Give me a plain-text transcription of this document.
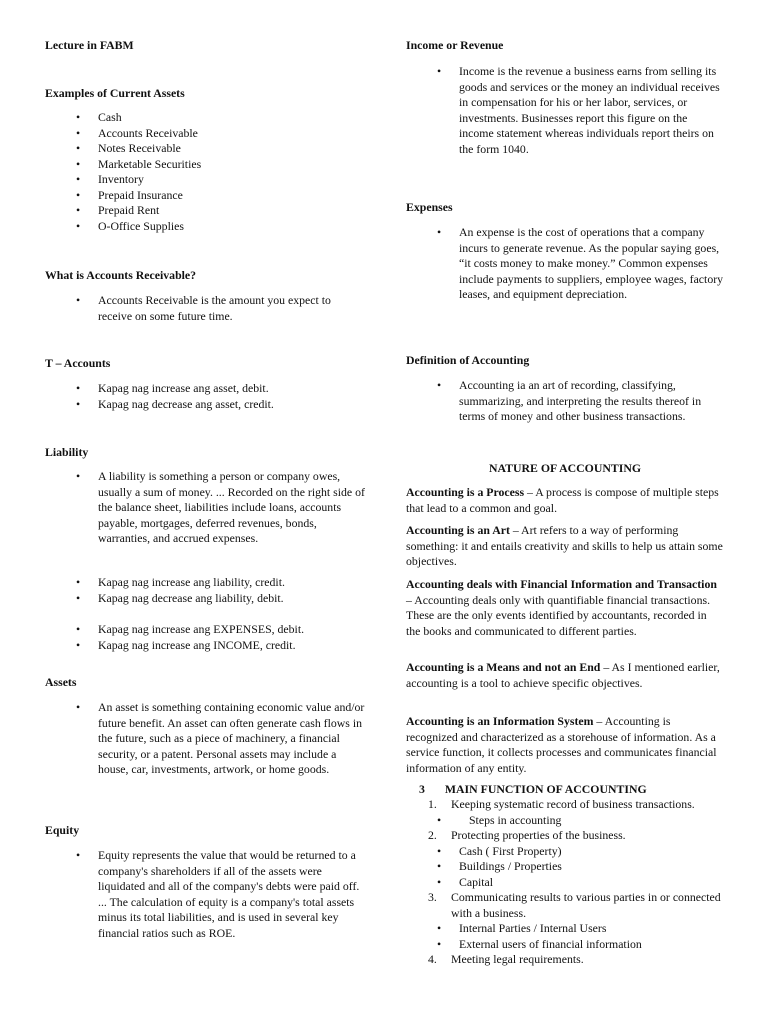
Lecture in FABM
Examples of Current Assets
• Cash
• Accounts Receivable
• Notes Receivable
• Marketable Securities
• Inventory
• Prepaid Insurance
• Prepaid Rent
• O-Office Supplies
What is Accounts Receivable?
• Accounts Receivable is the amount you expect to receive on some future time.
T – Accounts
• Kapag nag increase ang asset, debit.
• Kapag nag decrease ang asset, credit.
Liability
• A liability is something a person or company owes, usually a sum of money. ... Recorded on the right side of the balance sheet, liabilities include loans, accounts payable, mortgages, deferred revenues, bonds, warranties, and accrued expenses.
• Kapag nag increase ang liability, credit.
• Kapag nag decrease ang liability, debit.
• Kapag nag increase ang EXPENSES, debit.
• Kapag nag increase ang INCOME, credit.
Assets
• An asset is something containing economic value and/or future benefit. An asset can often generate cash flows in the future, such as a piece of machinery, a financial security, or a patent. Personal assets may include a house, car, investments, artwork, or home goods.
Equity
• Equity represents the value that would be returned to a company's shareholders if all of the assets were liquidated and all of the company's debts were paid off. ... The calculation of equity is a company's total assets minus its total liabilities, and is used in several key financial ratios such as ROE.
Income or Revenue
• Income is the revenue a business earns from selling its goods and services or the money an individual receives in compensation for his or her labor, services, or investments. Businesses report this figure on the income statement whereas individuals report theirs on the form 1040.
Expenses
• An expense is the cost of operations that a company incurs to generate revenue. As the popular saying goes, “it costs money to make money.” Common expenses include payments to suppliers, employee wages, factory leases, and equipment depreciation.
Definition of Accounting
• Accounting ia an art of recording, classifying, summarizing, and interpreting the results thereof in terms of money and other business transactions.
NATURE OF ACCOUNTING

Accounting is a Process – A process is compose of multiple steps that lead to a common and goal.

Accounting is an Art – Art refers to a way of performing something: it and entails creativity and skills to help us attain some objectives.

Accounting deals with Financial Information and Transaction – Accounting deals only with quantifiable financial transactions. These are the only events identified by accountants, recorded in the books and communicated to different parties.

Accounting is a Means and not an End – As I mentioned earlier, accounting is a tool to achieve specific objectives.

Accounting is an Information System – Accounting is recognized and characterized as a storehouse of information. As a service function, it collects processes and communicates financial information of any entity.

3 MAIN FUNCTION OF ACCOUNTING
1. Keeping systematic record of business transactions.
• Steps in accounting
2. Protecting properties of the business.
• Cash ( First Property)
• Buildings / Properties
• Capital
3. Communicating results to various parties in or connected with a business.
• Internal Parties / Internal Users
• External users of financial information
4. Meeting legal requirements.
